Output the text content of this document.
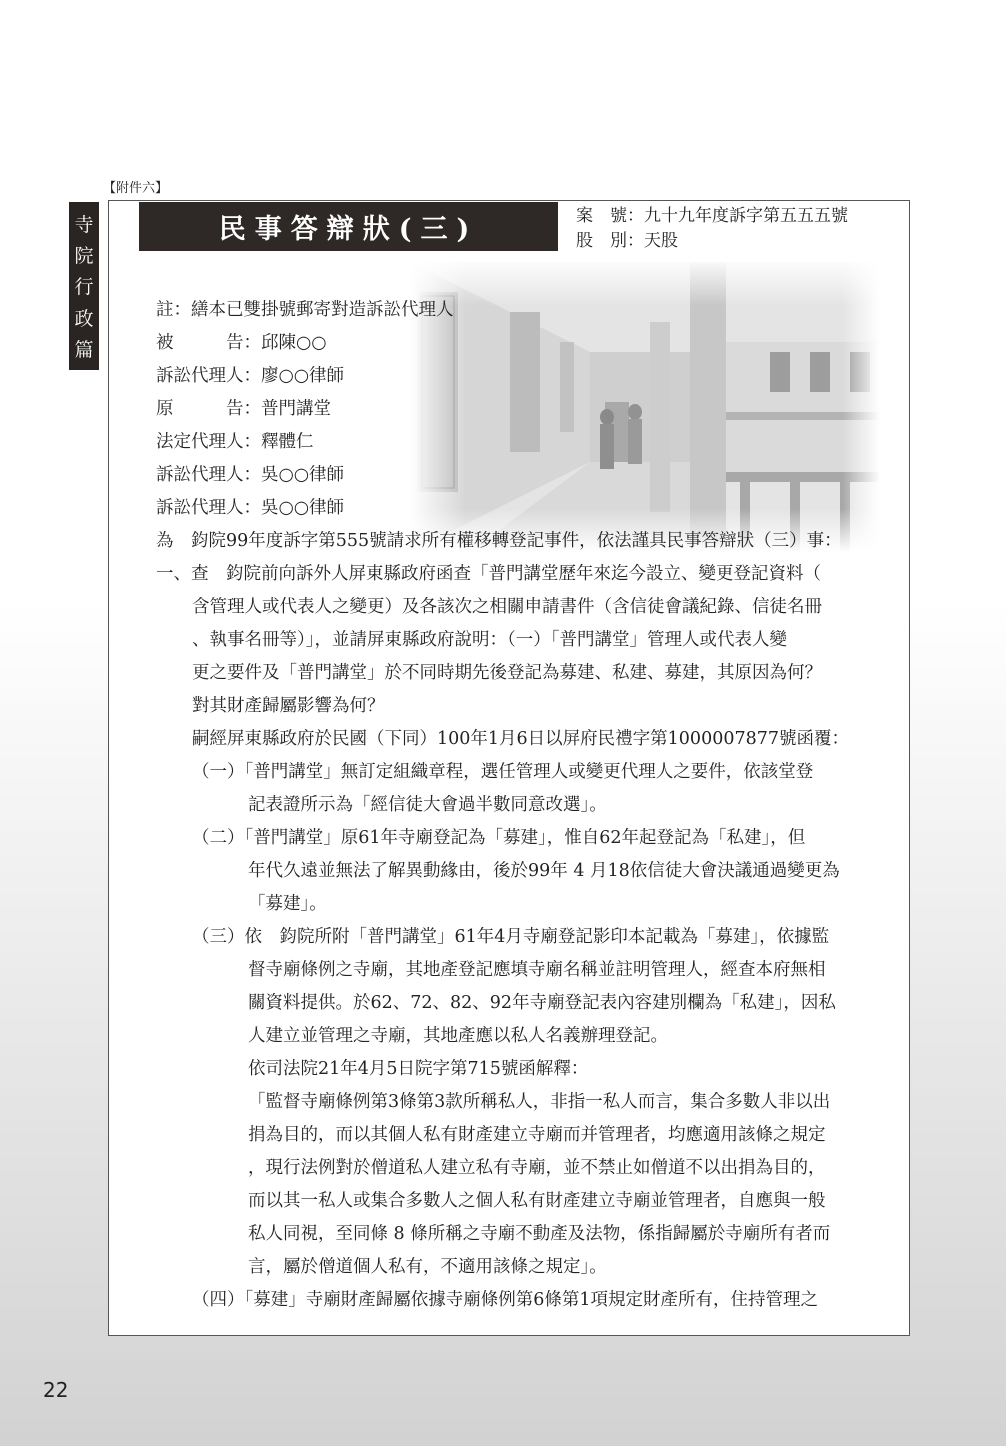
【附件六】
寺
院
行
政
篇
民事答辯狀(三)	案　號：九十九年度訴字第五五五號
股　別：天股
註：繕本已雙掛號郵寄對造訴訟代理人
被　　　告：邱陳○○
訴訟代理人：廖○○律師
原　　　告：普門講堂
法定代理人：釋體仁
訴訟代理人：吳○○律師
訴訟代理人：吳○○律師
為　鈞院99年度訴字第555號請求所有權移轉登記事件，依法謹具民事答辯狀（三）事：
一、查　鈞院前向訴外人屏東縣政府函查「普門講堂歷年來迄今設立、變更登記資料（
含管理人或代表人之變更）及各該次之相關申請書件（含信徒會議紀錄、信徒名冊
、執事名冊等）」，並請屏東縣政府說明：（一）「普門講堂」管理人或代表人變
更之要件及「普門講堂」於不同時期先後登記為募建、私建、募建，其原因為何？
對其財產歸屬影響為何？
嗣經屏東縣政府於民國（下同）100年1月6日以屏府民禮字第1000007877號函覆：
（一）「普門講堂」無訂定組織章程，選任管理人或變更代理人之要件，依該堂登
記表證所示為「經信徒大會過半數同意改選」。
（二）「普門講堂」原61年寺廟登記為「募建」，惟自62年起登記為「私建」，但
年代久遠並無法了解異動緣由，後於99年 4 月18依信徒大會決議通過變更為
「募建」。
（三）依　鈞院所附「普門講堂」61年4月寺廟登記影印本記載為「募建」，依據監
督寺廟條例之寺廟，其地產登記應填寺廟名稱並註明管理人，經查本府無相
關資料提供。於62、72、82、92年寺廟登記表內容建別欄為「私建」，因私
人建立並管理之寺廟，其地產應以私人名義辦理登記。
依司法院21年4月5日院字第715號函解釋：
「監督寺廟條例第3條第3款所稱私人，非指一私人而言，集合多數人非以出
捐為目的，而以其個人私有財產建立寺廟而并管理者，均應適用該條之規定
，現行法例對於僧道私人建立私有寺廟，並不禁止如僧道不以出捐為目的，
而以其一私人或集合多數人之個人私有財產建立寺廟並管理者，自應與一般
私人同視，至同條 8 條所稱之寺廟不動產及法物，係指歸屬於寺廟所有者而
言，屬於僧道個人私有，不適用該條之規定」。
（四）「募建」寺廟財產歸屬依據寺廟條例第6條第1項規定財產所有，住持管理之
22
